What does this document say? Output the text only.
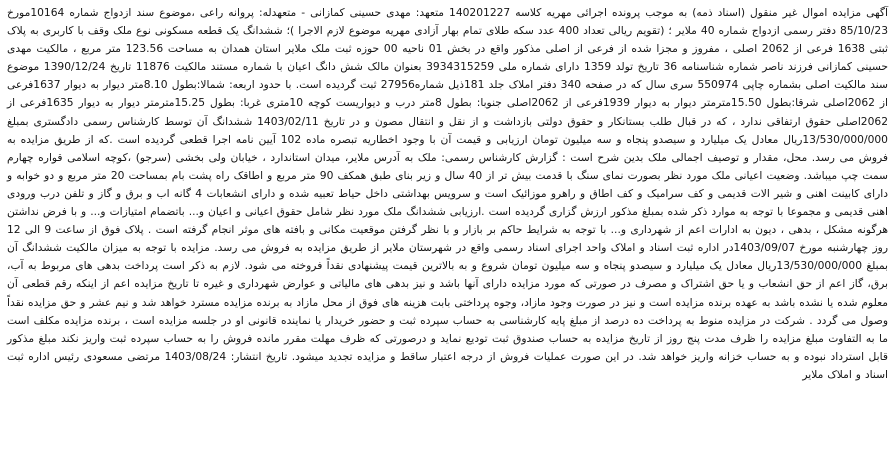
آگهی مزایده اموال غیر منقول (اسناد ذمه) به موجب پرونده اجرائی مهریه کلاسه 140201227 متعهد: مهدی حسینی کمازانی - متعهدله: پروانه راعی ،موضوع سند ازدواج شماره 10164مورخ 85/10/23 دفتر رسمی ازدواج شماره 40 ملایر ؛ (تقویم ریالی تعداد 400 عدد سکه طلای تمام بهار آزادی مهریه موضوع لازم الاجرا )؛ ششدانگ یک قطعه مسکونی نوع ملک وقف با کاربری به پلاک ثبتی 1638 فرعی از 2062 اصلی ، مفروز و مجزا شده از فرعی از اصلی مذکور واقع در بخش 01 ناحیه 00 حوزه ثبت ملک ملایر استان همدان به مساحت 123.56 متر مربع ، مالکیت مهدی حسینی کمازانی فرزند ناصر شماره شناسنامه 36 تاریخ تولد 1359 دارای شماره ملی 3934315259 بعنوان مالک شش دانگ اعیان با شماره مستند مالکیت 11876 تاریخ 1390/12/24 موضوع سند مالکیت اصلی بشماره چاپی 550974 سری سال که در صفحه 340 دفتر املاک جلد 181ذیل شماره27956 ثبت گردیده است. با حدود اربعه: شمالا:بطول 8.10متر دیوار به دیوار 1637فرعی از 2062اصلی شرقا:بطول 15.50مترمتر دیوار به دیوار 1939فرعی از 2062اصلی جنوبا: بطول 8متر درب و دیواریست کوچه 10متری غربا: بطول 15.25مترمتر دیوار به دیوار 1635فرعی از 2062اصلی حقوق ارتفاقی ندارد ، که در قبال طلب بستانکار و حقوق دولتی بازداشت و از نقل و انتقال مصون و در تاریخ 1403/02/11 ششدانگ آن توسط کارشناس رسمی دادگستری بمبلغ 13/530/000/000ریال معادل یک میلیارد و سیصدو پنجاه و سه میلیون تومان ارزیابی و قیمت آن با وجود اخطاریه تبصره ماده 102 آیین نامه اجرا قطعی گردیده است .که از طریق مزایده به فروش می رسد. محل، مقدار و توصیف اجمالی ملک بدین شرح است : گزارش کارشناس رسمی: ملک به آدرس ملایر، میدان استاندارد ، خیابان ولی بخشی (سرجو) ،کوچه اسلامی قواره چهارم سمت چپ میباشد. وضعیت اعیانی ملک مورد نظر بصورت نمای سنگ با قدمت بیش تر از 40 سال و زیر بنای طبق همکف 90 متر مربع و اطاقک راه پشت بام بمساحت 20 متر مربع و دو خوابه و دارای کابینت اهنی و شیر الات قدیمی و کف سرامیک و کف اطاق و راهرو موزائیک است و سرویس بهداشتی داخل حیاط تعبیه شده و دارای انشعابات 4 گانه اب و برق و گاز و تلفن درب ورودی اهنی قدیمی و مجموعا با توجه به موارد ذکر شده بمبلغ مذکور ارزش گزاری گردیده است .ارزیابی ششدانگ ملک مورد نظر شامل حقوق اعیانی و اعیان و... باتضمام امتیازات و... و با فرض نداشتن هرگونه مشکل ، بدهی ، دیون به ادارات اعم از شهرداری و... با توجه به شرایط حاکم بر بازار و با نظر گرفتن موقعیت مکانی و بافته های موثر انجام گرفته است . پلاک فوق از ساعت 9 الی 12 روز چهارشنبه مورخ 1403/09/07در اداره ثبت اسناد و املاک واحد اجرای اسناد رسمی واقع در شهرستان ملایر از طریق مزایده به فروش می رسد. مزایده با توجه به میزان مالکیت ششدانگ آن بمبلغ 13/530/000/000ریال معادل یک میلیارد و سیصدو پنجاه و سه میلیون تومان شروع و به بالاترین قیمت پیشنهادی نقداً فروخته می شود. لازم به ذکر است پرداخت بدهی های مربوط به آب، برق، گاز اعم از حق انشعاب و یا حق اشتراک و مصرف در صورتی که مورد مزایده دارای آنها باشد و نیز بدهی های مالیاتی و عوارض شهرداری و غیره تا تاریخ مزایده اعم از اینکه رقم قطعی آن معلوم شده یا نشده باشد به عهده برنده مزایده است و نیز در صورت وجود مازاد، وجوه پرداختی بابت هزینه های فوق از محل مازاد به برنده مزایده مسترد خواهد شد و نیم عشر و حق مزایده نقداً وصول می گردد . شرکت در مزایده منوط به پرداخت ده درصد از مبلغ پایه کارشناسی به حساب سپرده ثبت و حضور خریدار یا نماینده قانونی او در جلسه مزایده است ، برنده مزایده مکلف است ما به التفاوت مبلغ مزایده را ظرف مدت پنج روز از تاریخ مزایده به حساب صندوق ثبت تودیع نماید و درصورتی که ظرف مهلت مقرر مانده فروش را به حساب سپرده ثبت واریز نکند مبلغ مذکور قابل استرداد نبوده و به حساب خزانه واریز خواهد شد. در این صورت عملیات فروش از درجه اعتبار ساقط و مزایده تجدید میشود. تاریخ انتشار: 1403/08/24 مرتضی مسعودی رئیس اداره ثبت اسناد و املاک ملایر
